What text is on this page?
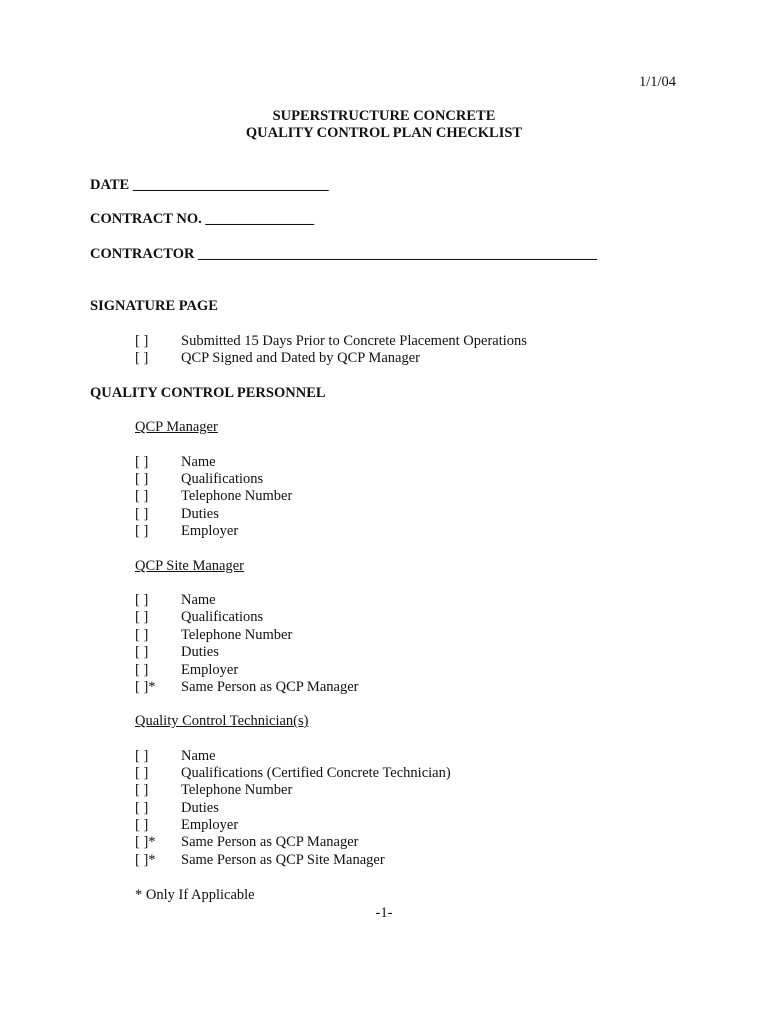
1/1/04
SUPERSTRUCTURE CONCRETE
QUALITY CONTROL PLAN CHECKLIST
DATE ___________________________
CONTRACT NO. _______________
CONTRACTOR _______________________________________________________
SIGNATURE PAGE
[ ] Submitted 15 Days Prior to Concrete Placement Operations
[ ] QCP Signed and Dated by QCP Manager
QUALITY CONTROL PERSONNEL
QCP Manager
[ ] Name
[ ] Qualifications
[ ] Telephone Number
[ ] Duties
[ ] Employer
QCP Site Manager
[ ] Name
[ ] Qualifications
[ ] Telephone Number
[ ] Duties
[ ] Employer
[ ]* Same Person as QCP Manager
Quality Control Technician(s)
[ ] Name
[ ] Qualifications (Certified Concrete Technician)
[ ] Telephone Number
[ ] Duties
[ ] Employer
[ ]* Same Person as QCP Manager
[ ]* Same Person as QCP Site Manager
* Only If Applicable
-1-
